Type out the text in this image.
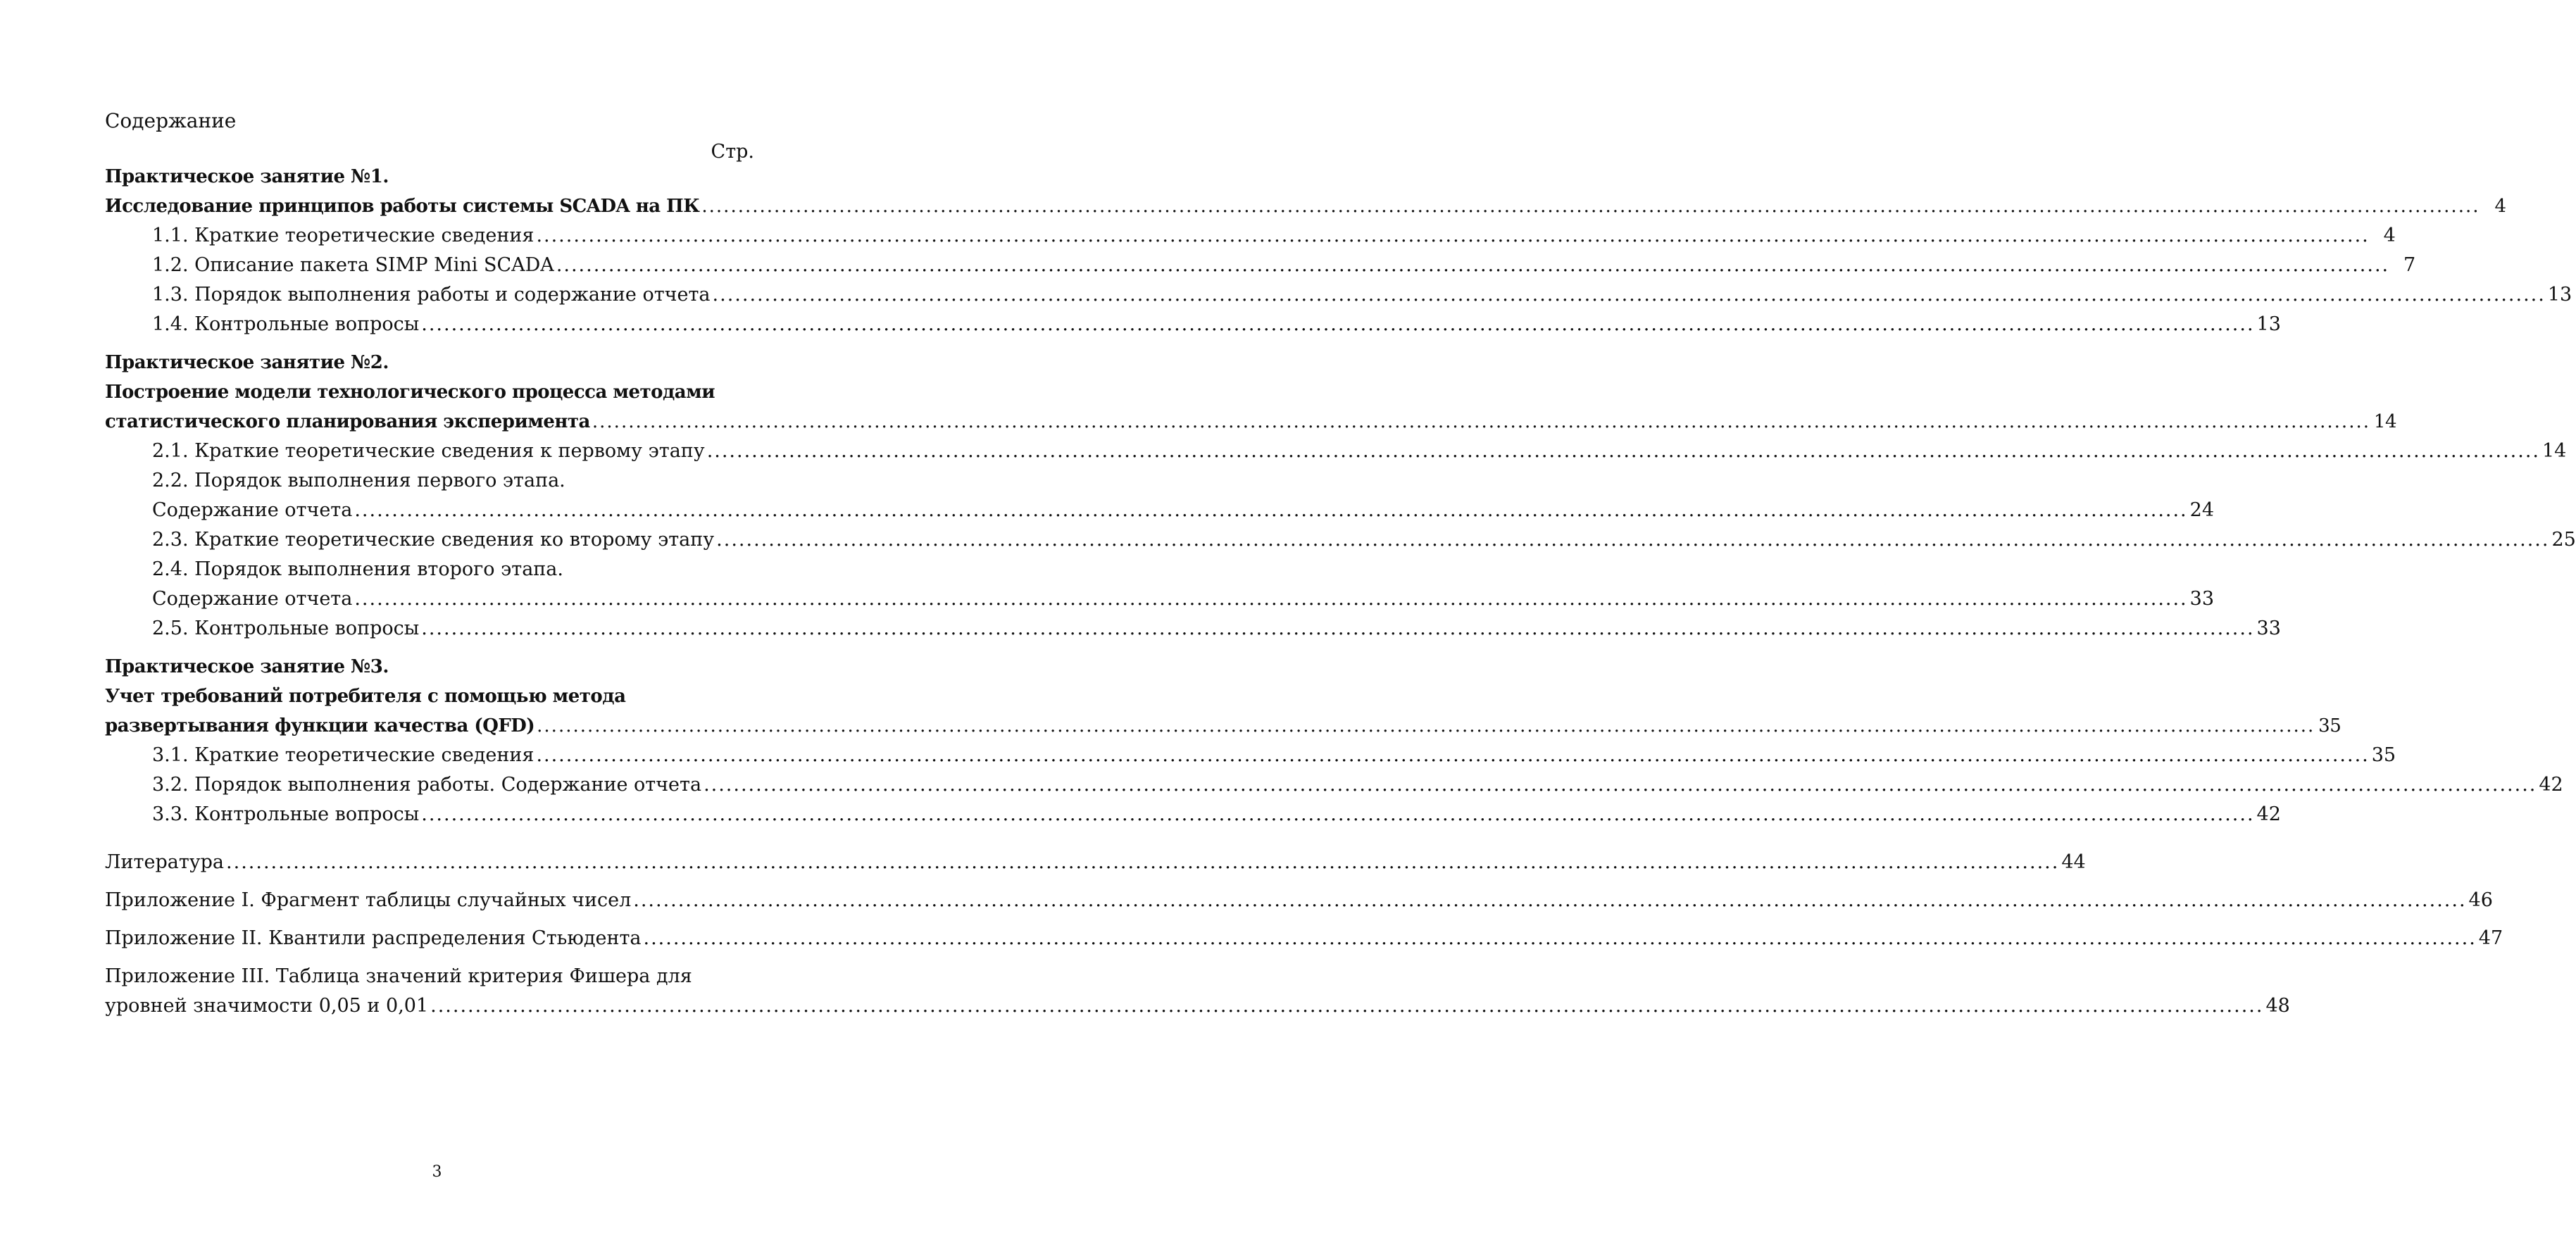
Содержание
Стр.
Практическое занятие №1.
Исследование принципов работы системы SCADA на ПК .....	4
1.1. Краткие теоретические сведения .....	4
1.2. Описание пакета SIMP Mini SCADA .....	7
1.3. Порядок выполнения работы и содержание отчета .....	13
1.4. Контрольные вопросы .....	13
Практическое занятие №2.
Построение модели технологического процесса методами
статистического планирования эксперимента .....	14
2.1. Краткие теоретические сведения к первому этапу .....	14
2.2. Порядок выполнения первого этапа.
Содержание отчета .....	24
2.3. Краткие теоретические сведения ко второму этапу .....	25
2.4. Порядок выполнения второго этапа.
Содержание отчета .....	33
2.5. Контрольные вопросы .....	33
Практическое занятие №3.
Учет требований потребителя с помощью метода
развертывания функции качества (QFD) .....	35
3.1. Краткие теоретические сведения .....	35
3.2. Порядок выполнения работы. Содержание отчета .....	42
3.3. Контрольные вопросы .....	42
Литература .....	44
Приложение I. Фрагмент таблицы случайных чисел .....	46
Приложение II. Квантили распределения Стьюдента .....	47
Приложение III. Таблица значений критерия Фишера для
уровней значимости 0,05 и 0,01 .....	48
3
